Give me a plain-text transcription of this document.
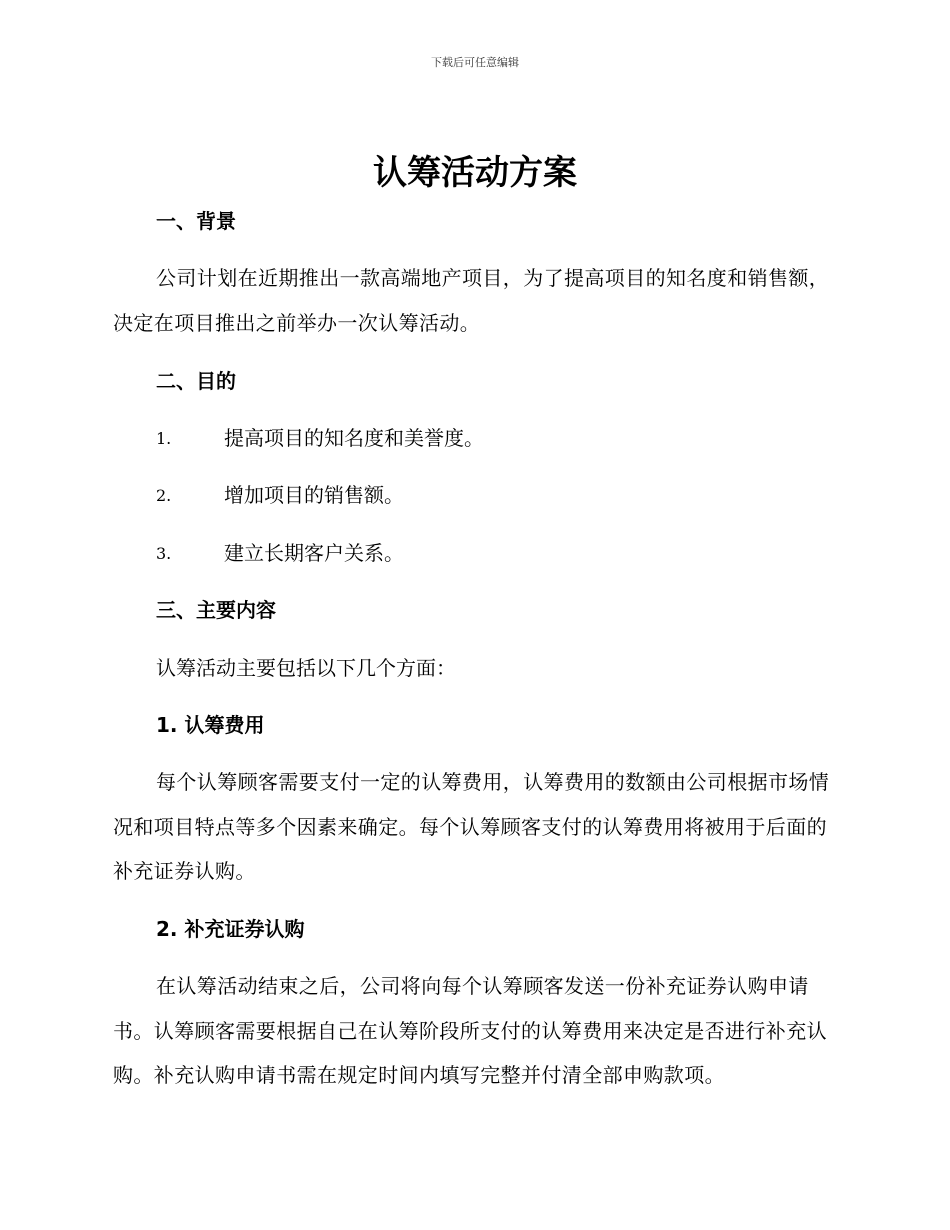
下载后可任意编辑
认筹活动方案
一、背景
公司计划在近期推出一款高端地产项目，为了提高项目的知名度和销售额，决定在项目推出之前举办一次认筹活动。
二、目的
1.	提高项目的知名度和美誉度。
2.	增加项目的销售额。
3.	建立长期客户关系。
三、主要内容
认筹活动主要包括以下几个方面：
1. 认筹费用
每个认筹顾客需要支付一定的认筹费用，认筹费用的数额由公司根据市场情况和项目特点等多个因素来确定。每个认筹顾客支付的认筹费用将被用于后面的补充证券认购。
2. 补充证券认购
在认筹活动结束之后，公司将向每个认筹顾客发送一份补充证券认购申请书。认筹顾客需要根据自己在认筹阶段所支付的认筹费用来决定是否进行补充认购。补充认购申请书需在规定时间内填写完整并付清全部申购款项。
